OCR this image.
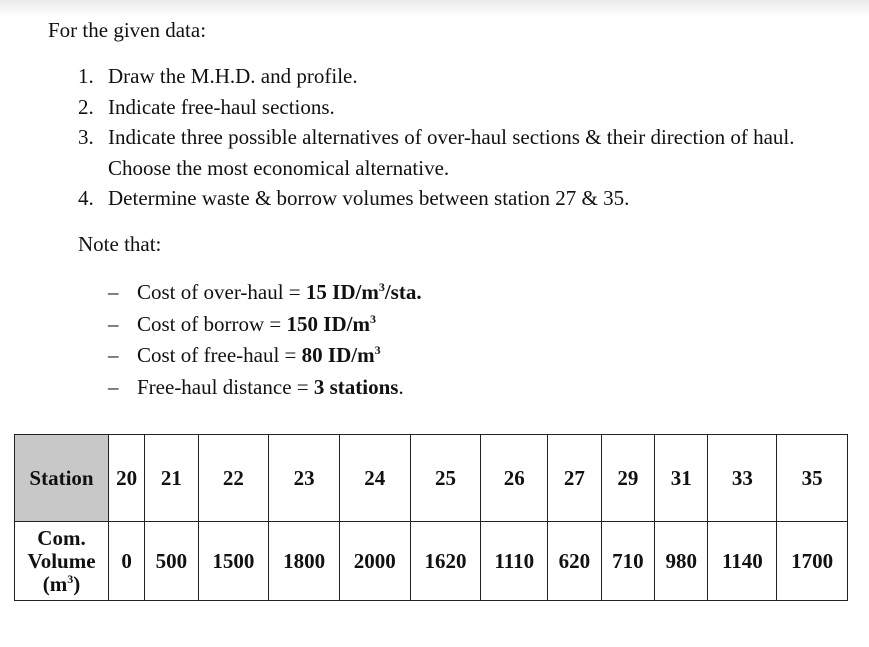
For the given data:

1. Draw the M.H.D. and profile.
2. Indicate free-haul sections.
3. Indicate three possible alternatives of over-haul sections & their direction of haul. Choose the most economical alternative.
4. Determine waste & borrow volumes between station 27 & 35.

Note that:

– Cost of over-haul = 15 $ID/m^3$/sta.
– Cost of borrow = 150 $ID/m^3$
– Cost of free-haul = 80 $ID/m^3$
– Free-haul distance = 3 stations.
Station	20	21	22	23	24	25	26	27	29	31	33	35

Com.
Volume
$(m^3)$	0	500	1500	1800	2000	1620	1110	620	710	980	1140	1700
